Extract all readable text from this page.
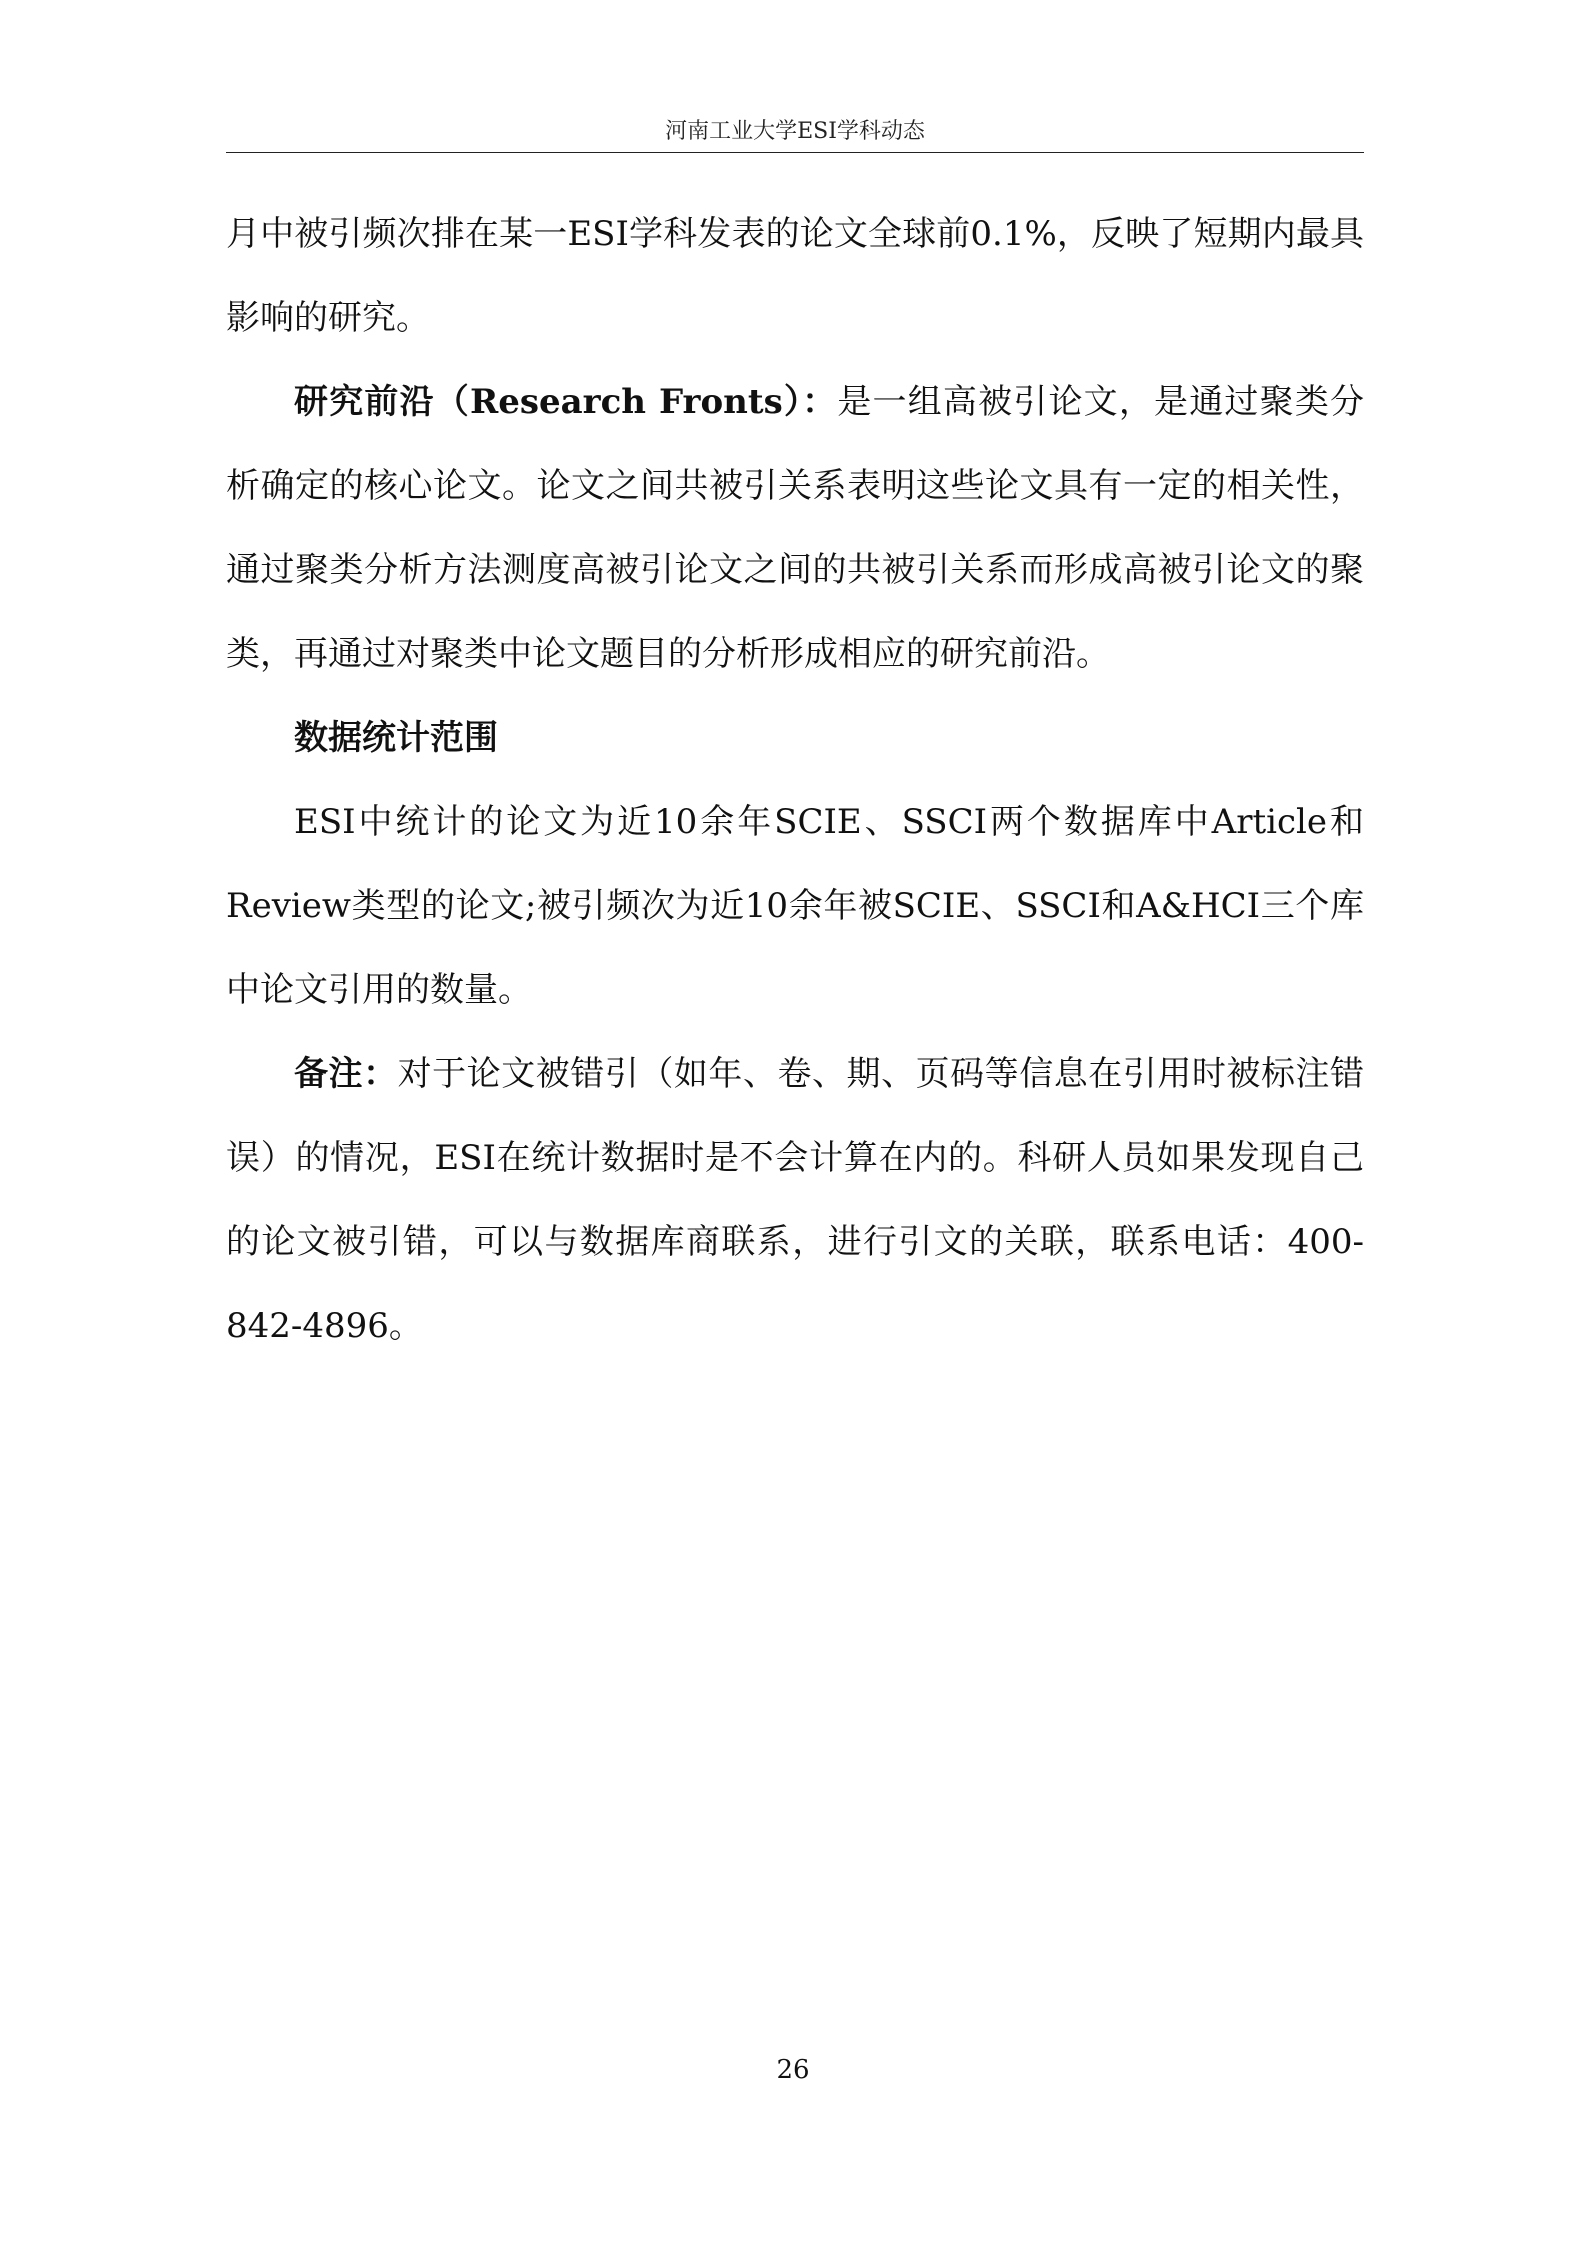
河南工业大学ESI学科动态

月中被引频次排在某一ESI学科发表的论文全球前0.1%，反映了短期内最具影响的研究。

研究前沿（Research Fronts）：是一组高被引论文，是通过聚类分析确定的核心论文。论文之间共被引关系表明这些论文具有一定的相关性，通过聚类分析方法测度高被引论文之间的共被引关系而形成高被引论文的聚类，再通过对聚类中论文题目的分析形成相应的研究前沿。

数据统计范围

ESI中统计的论文为近10余年SCIE、SSCI两个数据库中Article和Review类型的论文;被引频次为近10余年被SCIE、SSCI和A&HCI三个库中论文引用的数量。

备注：对于论文被错引（如年、卷、期、页码等信息在引用时被标注错误）的情况，ESI在统计数据时是不会计算在内的。科研人员如果发现自己的论文被引错，可以与数据库商联系，进行引文的关联，联系电话：400-842-4896。

26
